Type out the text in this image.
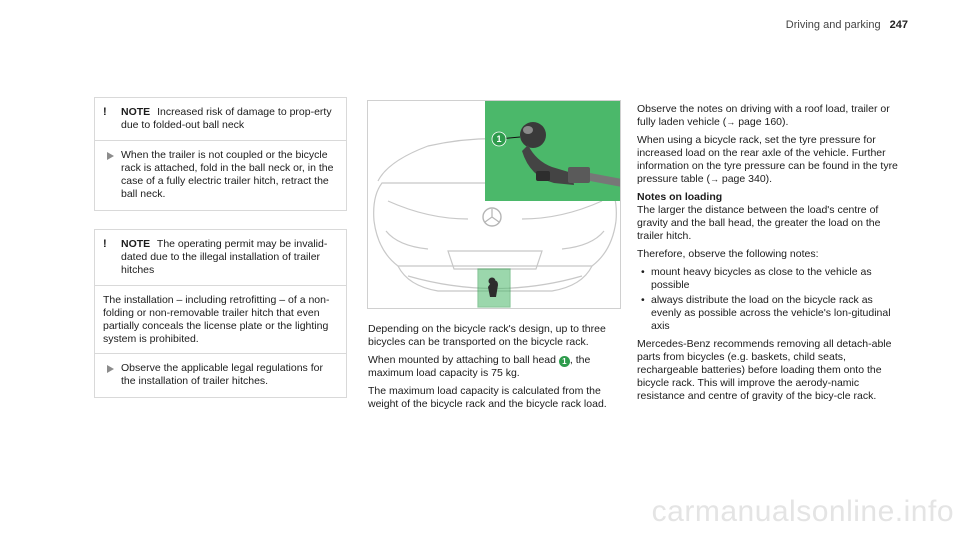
Driving and parking 247
! NOTE Increased risk of damage to prop-erty due to folded-out ball neck
When the trailer is not coupled or the bicycle rack is attached, fold in the ball neck or, in the case of a fully electric trailer hitch, retract the ball neck.
! NOTE The operating permit may be invalid-dated due to the illegal installation of trailer hitches
The installation – including retrofitting – of a non-folding or non-removable trailer hitch that even partially conceals the license plate or the lighting system is prohibited.
Observe the applicable legal regulations for the installation of trailer hitches.
1

Depending on the bicycle rack's design, up to three bicycles can be transported on the bicycle rack.

When mounted by attaching to ball head 1 , the maximum load capacity is 75 kg.

The maximum load capacity is calculated from the weight of the bicycle rack and the bicycle rack load.

Observe the notes on driving with a roof load, trailer or fully laden vehicle (→ page 160).

When using a bicycle rack, set the tyre pressure for increased load on the rear axle of the vehicle. Further information on the tyre pressure can be found in the tyre pressure table (→ page 340).

Notes on loading

The larger the distance between the load's centre of gravity and the ball head, the greater the load on the trailer hitch.

Therefore, observe the following notes:

• mount heavy bicycles as close to the vehicle as possible
• always distribute the load on the bicycle rack as evenly as possible across the vehicle's lon-gitudinal axis

Mercedes-Benz recommends removing all detach-able parts from bicycles (e.g. baskets, child seats, rechargeable batteries) before loading them onto the bicycle rack. This will improve the aerody-namic resistance and centre of gravity of the bicy-cle rack.

carmanualsonline.info
